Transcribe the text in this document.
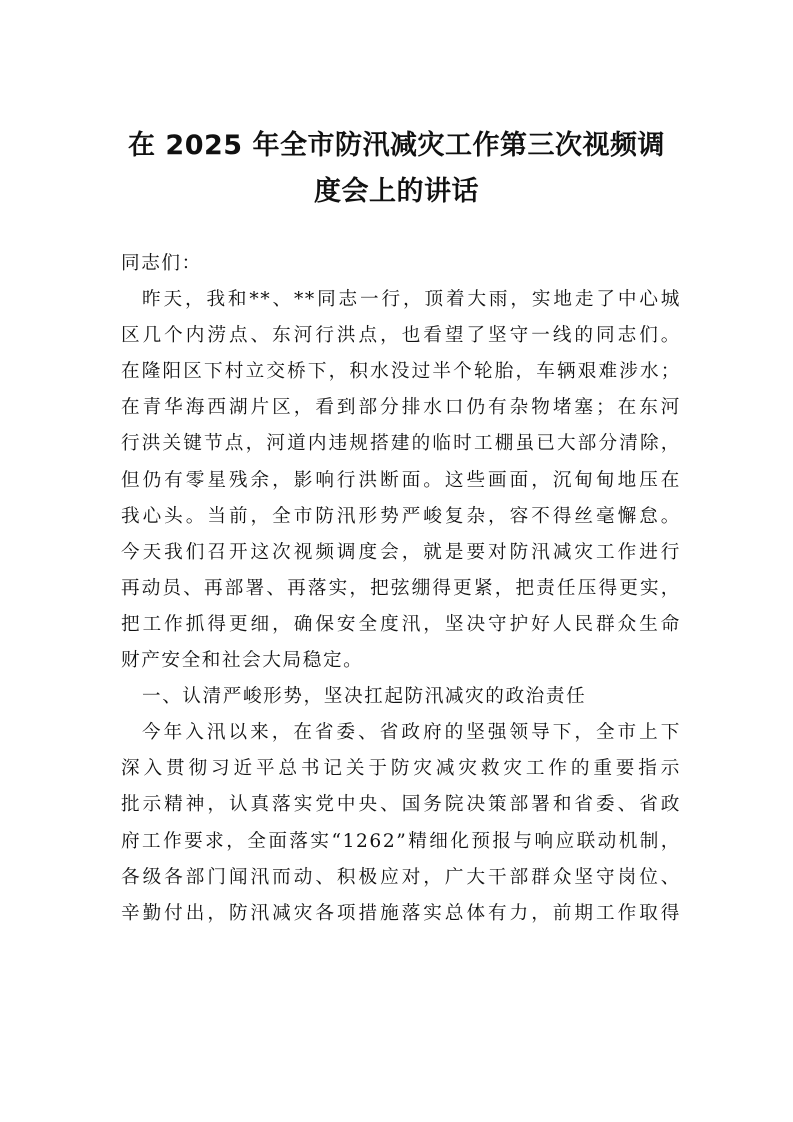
在 2025 年全市防汛减灾工作第三次视频调
度会上的讲话
同志们：
昨天，我和**、**同志一行，顶着大雨，实地走了中心城
区几个内涝点、东河行洪点，也看望了坚守一线的同志们。
在隆阳区下村立交桥下，积水没过半个轮胎，车辆艰难涉水；
在青华海西湖片区，看到部分排水口仍有杂物堵塞；在东河
行洪关键节点，河道内违规搭建的临时工棚虽已大部分清除，
但仍有零星残余，影响行洪断面。这些画面，沉甸甸地压在
我心头。当前，全市防汛形势严峻复杂，容不得丝毫懈怠。
今天我们召开这次视频调度会，就是要对防汛减灾工作进行
再动员、再部署、再落实，把弦绷得更紧，把责任压得更实，
把工作抓得更细，确保安全度汛，坚决守护好人民群众生命
财产安全和社会大局稳定。
一、认清严峻形势，坚决扛起防汛减灾的政治责任
今年入汛以来，在省委、省政府的坚强领导下，全市上下
深入贯彻习近平总书记关于防灾减灾救灾工作的重要指示
批示精神，认真落实党中央、国务院决策部署和省委、省政
府工作要求，全面落实“1262”精细化预报与响应联动机制，
各级各部门闻汛而动、积极应对，广大干部群众坚守岗位、
辛勤付出，防汛减灾各项措施落实总体有力，前期工作取得
